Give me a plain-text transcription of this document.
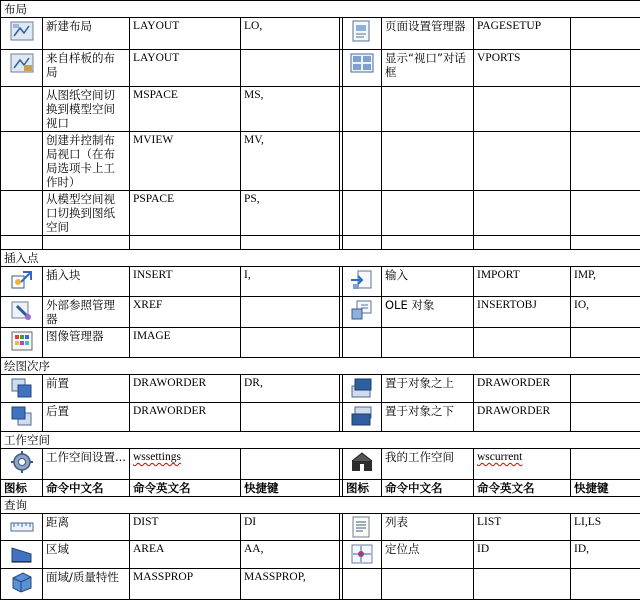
布局								

	新建布局	LAYOUT	LO,			页面设置管理器	PAGESETUP	

	来自样板的布局	LAYOUT				显示“视口”对话框	VPORTS	
	从图纸空间切换到模型空间视口	MSPACE	MS,					
	创建并控制布局视口（在布局选项卡上工作时）	MVIEW	MV,					
	从模型空间视口切换到图纸空间	PSPACE	PS,					

插入点								

	插入块	INSERT	I,			输入	IMPORT	IMP,

	外部参照管理器	XREF				OLE 对象	INSERTOBJ	IO,

	图像管理器	IMAGE						
绘图次序								

	前置	DRAWORDER	DR,			置于对象之上	DRAWORDER	

	后置	DRAWORDER				置于对象之下	DRAWORDER	
工作空间								

	工作空间设置...	wssettings				我的工作空间	wscurrent	
图标	命令中文名	命令英文名	快捷键		图标	命令中文名	命令英文名	快捷键
查询								

	距离	DIST	DI			列表	LIST	LI,LS

	区域	AREA	AA,			定位点	ID	ID,

	面域/质量特性	MASSPROP	MASSPROP,					
